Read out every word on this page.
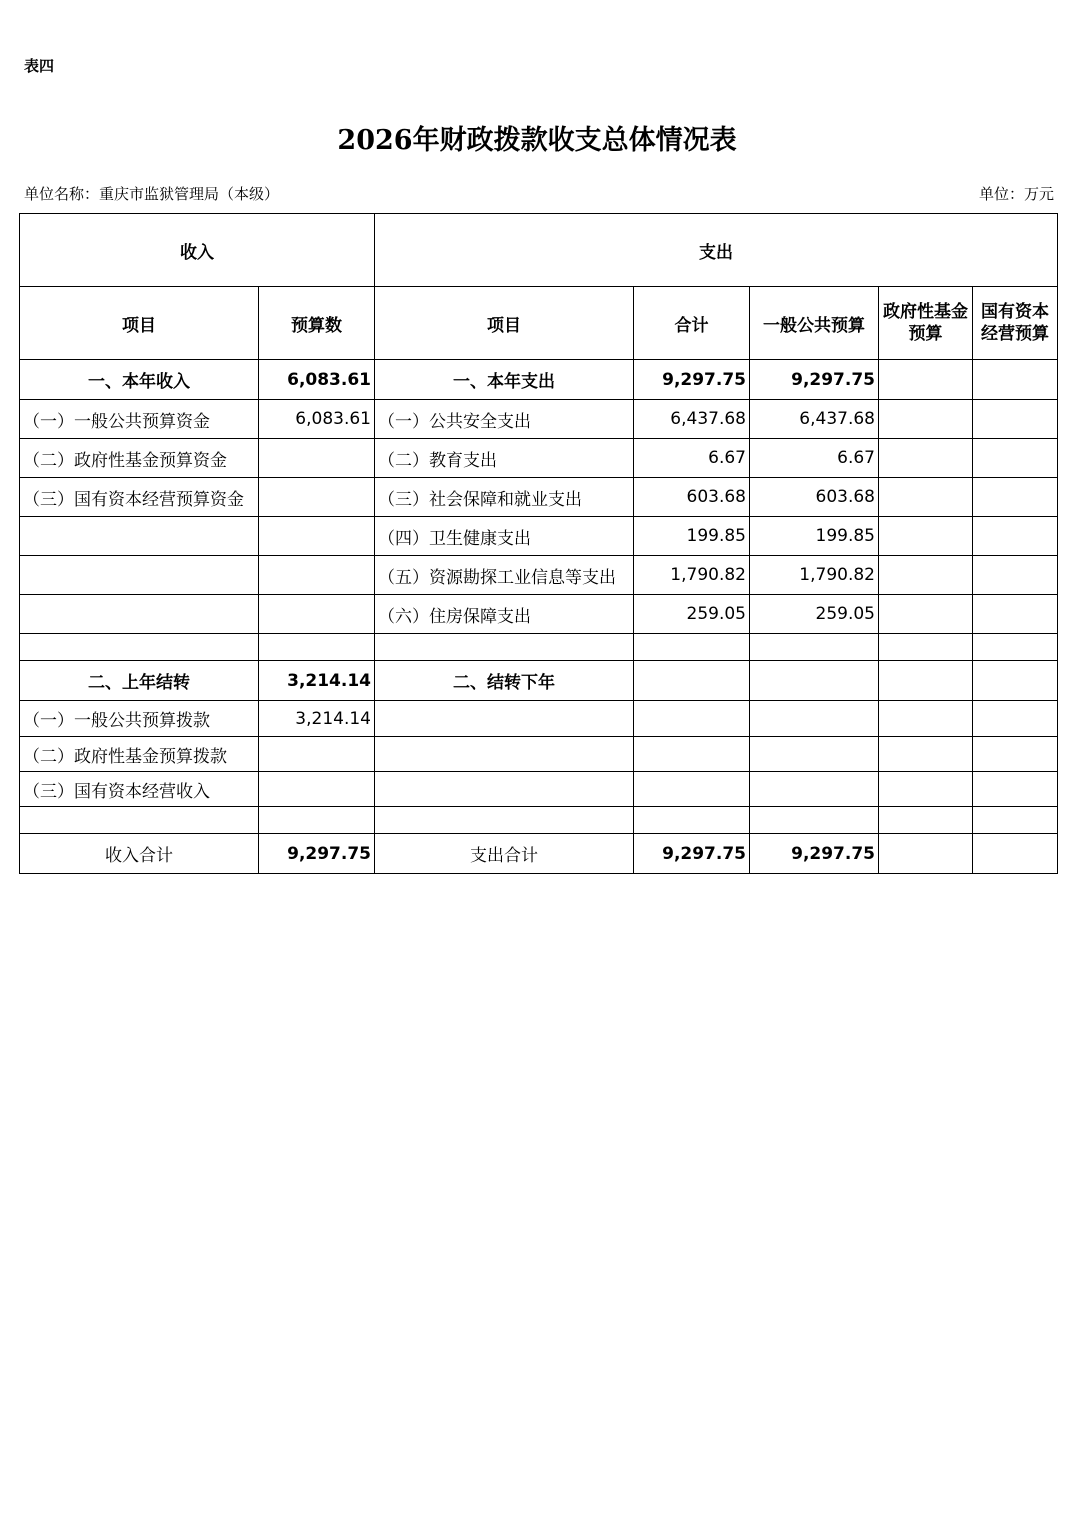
表四
2026年财政拨款收支总体情况表
单位名称：重庆市监狱管理局（本级）	单位：万元
收入		支出				
项目	预算数	项目	合计	一般公共预算	政府性基金预算	国有资本经营预算
一、本年收入	6,083.61	一、本年支出	9,297.75	9,297.75		
（一）一般公共预算资金	6,083.61	（一）公共安全支出	6,437.68	6,437.68		
（二）政府性基金预算资金		（二）教育支出	6.67	6.67		
（三）国有资本经营预算资金		（三）社会保障和就业支出	603.68	603.68		
		（四）卫生健康支出	199.85	199.85		
		（五）资源勘探工业信息等支出	1,790.82	1,790.82		
		（六）住房保障支出	259.05	259.05		

二、上年结转	3,214.14	二、结转下年				
（一）一般公共预算拨款	3,214.14					
（二）政府性基金预算拨款						
（三）国有资本经营收入						

收入合计	9,297.75	支出合计	9,297.75	9,297.75		
